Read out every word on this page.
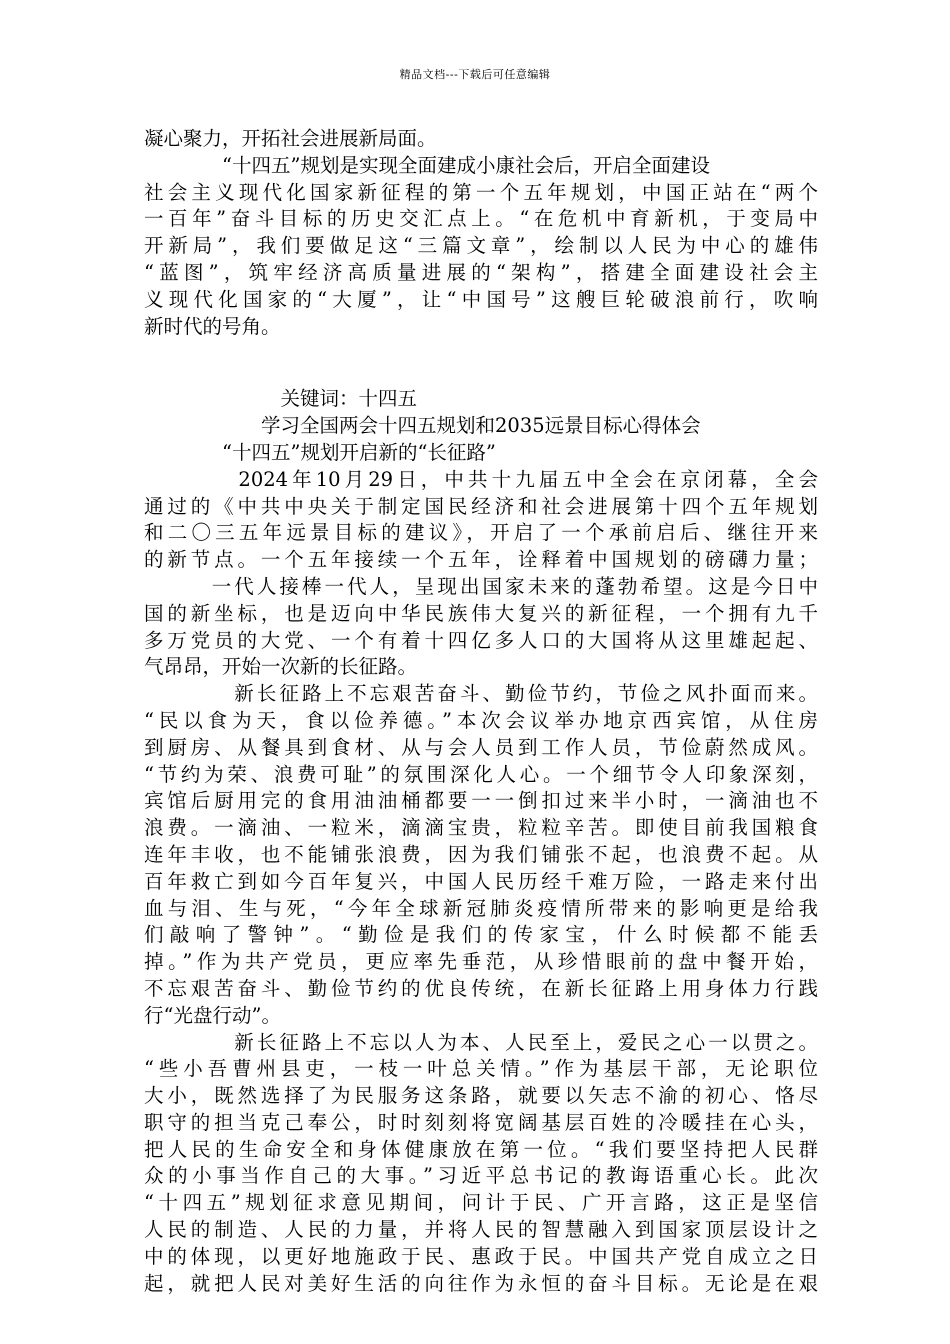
精品文档---下载后可任意编辑
凝心聚力，开拓社会进展新局面。
　　　　“十四五”规划是实现全面建成小康社会后，开启全面建设
社会主义现代化国家新征程的第一个五年规划，中国正站在“两个
一百年”奋斗目标的历史交汇点上。“在危机中育新机，于变局中
开新局”，我们要做足这“三篇文章”，绘制以人民为中心的雄伟
“蓝图”，筑牢经济高质量进展的“架构”，搭建全面建设社会主
义现代化国家的“大厦”，让“中国号”这艘巨轮破浪前行，吹响
新时代的号角。
　　　　　　　关键词：十四五
　　　　　　学习全国两会十四五规划和2035远景目标心得体会
　　　　“十四五”规划开启新的“长征路”
　　　　2024年10月29日，中共十九届五中全会在京闭幕，全会
通过的《中共中央关于制定国民经济和社会进展第十四个五年规划
和二〇三五年远景目标的建议》，开启了一个承前启后、继往开来
的新节点。一个五年接续一个五年，诠释着中国规划的磅礴力量；
　　　一代人接棒一代人，呈现出国家未来的蓬勃希望。这是今日中
国的新坐标，也是迈向中华民族伟大复兴的新征程，一个拥有九千
多万党员的大党、一个有着十四亿多人口的大国将从这里雄起起、
气昂昂，开始一次新的长征路。
　　　　新长征路上不忘艰苦奋斗、勤俭节约，节俭之风扑面而来。
“民以食为天，食以俭养德。”本次会议举办地京西宾馆，从住房
到厨房、从餐具到食材、从与会人员到工作人员，节俭蔚然成风。
“节约为荣、浪费可耻”的氛围深化人心。一个细节令人印象深刻，
宾馆后厨用完的食用油油桶都要一一倒扣过来半小时，一滴油也不
浪费。一滴油、一粒米，滴滴宝贵，粒粒辛苦。即使目前我国粮食
连年丰收，也不能铺张浪费，因为我们铺张不起，也浪费不起。从
百年救亡到如今百年复兴，中国人民历经千难万险，一路走来付出
血与泪、生与死，“今年全球新冠肺炎疫情所带来的影响更是给我
们敲响了警钟”。“勤俭是我们的传家宝，什么时候都不能丢
掉。”作为共产党员，更应率先垂范，从珍惜眼前的盘中餐开始，
不忘艰苦奋斗、勤俭节约的优良传统，在新长征路上用身体力行践
行“光盘行动”。
　　　　新长征路上不忘以人为本、人民至上，爱民之心一以贯之。
“些小吾曹州县吏，一枝一叶总关情。”作为基层干部，无论职位
大小，既然选择了为民服务这条路，就要以矢志不渝的初心、恪尽
职守的担当克己奉公，时时刻刻将宽阔基层百姓的冷暖挂在心头，
把人民的生命安全和身体健康放在第一位。“我们要坚持把人民群
众的小事当作自己的大事。”习近平总书记的教诲语重心长。此次
“十四五”规划征求意见期间，问计于民、广开言路，这正是坚信
人民的制造、人民的力量，并将人民的智慧融入到国家顶层设计之
中的体现，以更好地施政于民、惠政于民。中国共产党自成立之日
起，就把人民对美好生活的向往作为永恒的奋斗目标。无论是在艰
